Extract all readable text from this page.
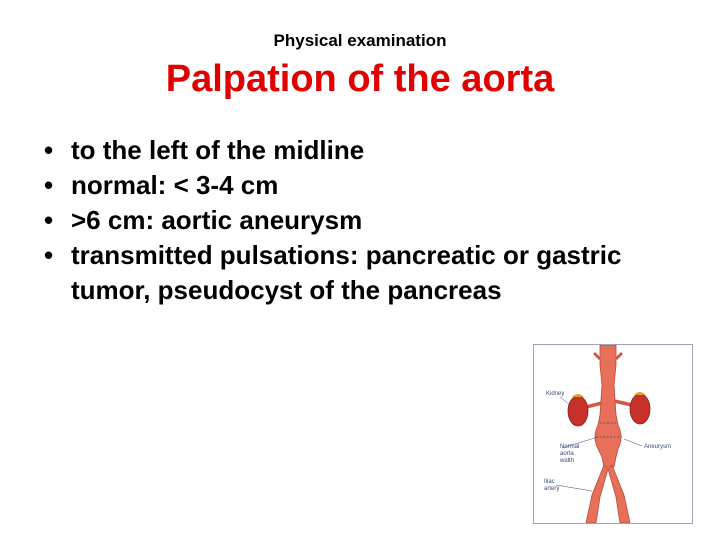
Physical examination
Palpation of the aorta
• to the left of the midline
• normal: < 3-4 cm
• >6 cm: aortic aneurysm
• transmitted pulsations: pancreatic or gastric tumor, pseudocyst of the pancreas
Kidney
Normal
aorta
width
Aneurysm
Iliac
artery
